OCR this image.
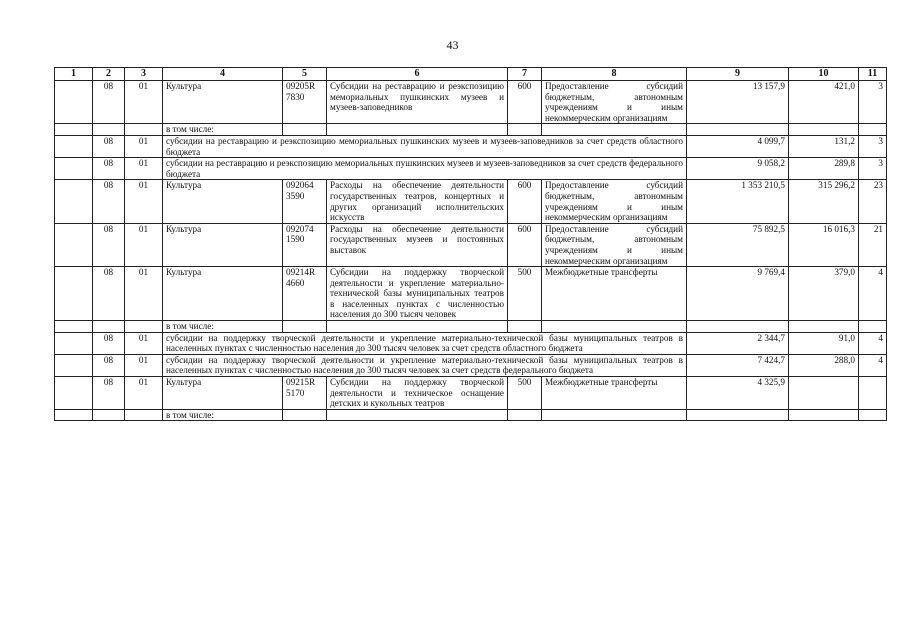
43
1	2	3	4	5	6	7	8	9	10	11
	08	01	Культура	09205R 7830	Субсидии на реставрацию и реэкспозицию мемориальных пушкинских музеев и музеев-заповедников	600	Предоставление субсидий бюджетным, автономным учреждениям и иным некоммерческим организациям	13 157,9	421,0	3
			в том числе:							
	08	01	субсидии на реставрацию и реэкспозицию мемориальных пушкинских музеев и музеев-заповедников за счет средств областного бюджета					4 099,7	131,2	3
	08	01	субсидии на реставрацию и реэкспозицию мемориальных пушкинских музеев и музеев-заповедников за счет средств федерального бюджета					9 058,2	289,8	3
	08	01	Культура	092064 3590	Расходы на обеспечение деятельности государственных театров, концертных и других организаций исполнительских искусств	600	Предоставление субсидий бюджетным, автономным учреждениям и иным некоммерческим организациям	1 353 210,5	315 296,2	23
	08	01	Культура	092074 1590	Расходы на обеспечение деятельности государственных музеев и постоянных выставок	600	Предоставление субсидий бюджетным, автономным учреждениям и иным некоммерческим организациям	75 892,5	16 016,3	21
	08	01	Культура	09214R 4660	Субсидии на поддержку творческой деятельности и укрепление материально-технической базы муниципальных театров в населенных пунктах с численностью населения до 300 тысяч человек	500	Межбюджетные трансферты	9 769,4	379,0	4
			в том числе:							
	08	01	субсидии на поддержку творческой деятельности и укрепление материально-технической базы муниципальных театров в населенных пунктах с численностью населения до 300 тысяч человек за счет средств областного бюджета					2 344,7	91,0	4
	08	01	субсидии на поддержку творческой деятельности и укрепление материально-технической базы муниципальных театров в населенных пунктах с численностью населения до 300 тысяч человек за счет средств федерального бюджета					7 424,7	288,0	4
	08	01	Культура	09215R 5170	Субсидии на поддержку творческой деятельности и техническое оснащение детских и кукольных театров	500	Межбюджетные трансферты	4 325,9		
			в том числе:							
